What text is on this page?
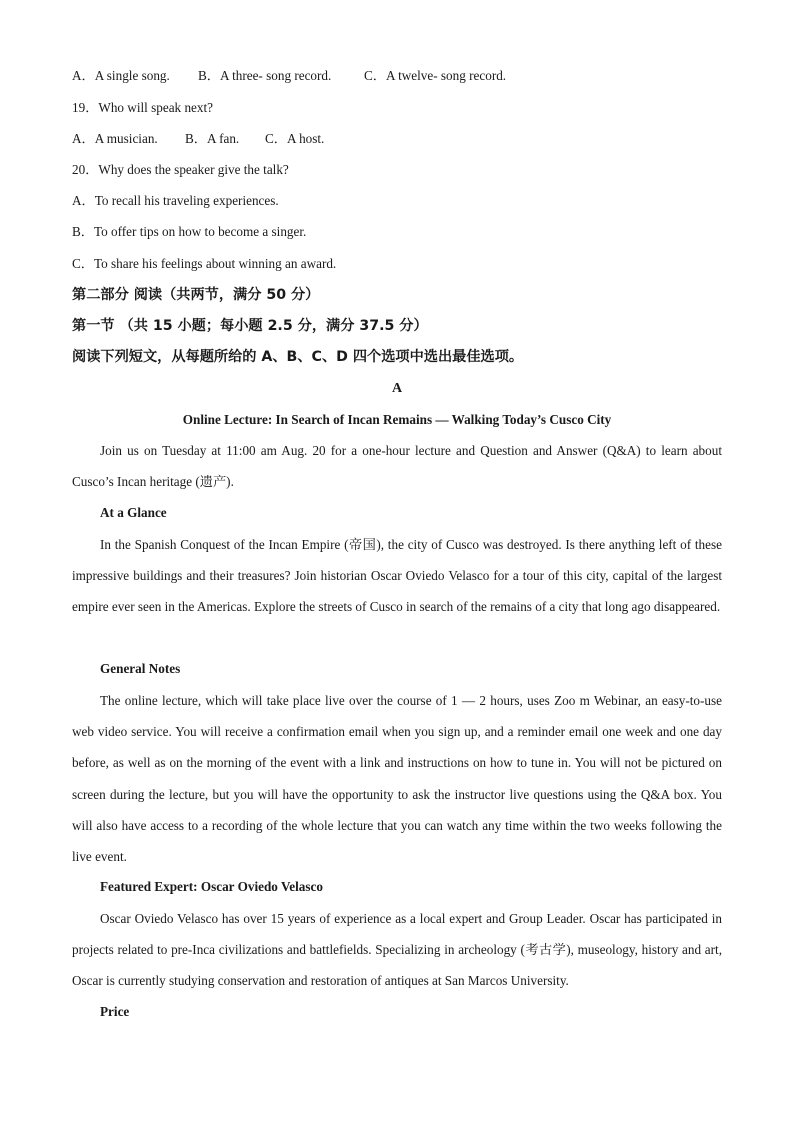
A．A single song. B．A three- song record. C．A twelve- song record.
19．Who will speak next?
A．A musician. B．A fan. C．A host.
20．Why does the speaker give the talk?
A．To recall his traveling experiences.
B．To offer tips on how to become a singer.
C．To share his feelings about winning an award.
第二部分 阅读（共两节，满分 50 分）
第一节 （共 15 小题；每小题 2.5 分，满分 37.5 分）
阅读下列短文，从每题所给的 A、B、C、D 四个选项中选出最佳选项。
A
Online Lecture: In Search of Incan Remains — Walking Today’s Cusco City

Join us on Tuesday at 11:00 am Aug. 20 for a one-hour lecture and Question and Answer (Q&A) to learn about Cusco’s Incan heritage (遗产).

At a Glance

In the Spanish Conquest of the Incan Empire (帝国), the city of Cusco was destroyed. Is there anything left of these impressive buildings and their treasures? Join historian Oscar Oviedo Velasco for a tour of this city, capital of the largest empire ever seen in the Americas. Explore the streets of Cusco in search of the remains of a city that long ago disappeared.

General Notes

The online lecture, which will take place live over the course of 1 — 2 hours, uses Zoo m Webinar, an easy-to-use web video service. You will receive a confirmation email when you sign up, and a reminder email one week and one day before, as well as on the morning of the event with a link and instructions on how to tune in. You will not be pictured on screen during the lecture, but you will have the opportunity to ask the instructor live questions using the Q&A box. You will also have access to a recording of the whole lecture that you can watch any time within the two weeks following the live event.

Featured Expert: Oscar Oviedo Velasco

Oscar Oviedo Velasco has over 15 years of experience as a local expert and Group Leader. Oscar has participated in projects related to pre-Inca civilizations and battlefields. Specializing in archeology (考古学), museology, history and art, Oscar is currently studying conservation and restoration of antiques at San Marcos University.

Price
